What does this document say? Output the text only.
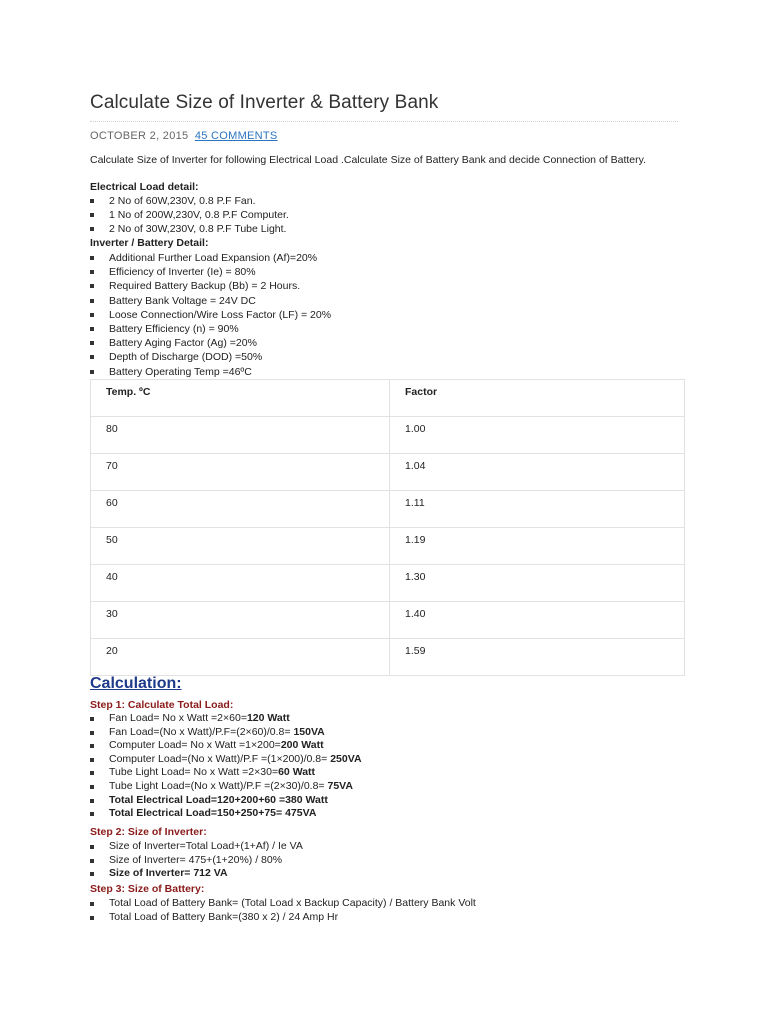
Calculate Size of Inverter & Battery Bank
OCTOBER 2, 2015 45 COMMENTS

Calculate Size of Inverter for following Electrical Load .Calculate Size of Battery Bank and decide Connection of Battery.

Electrical Load detail:

2 No of 60W,230V, 0.8 P.F Fan.
1 No of 200W,230V, 0.8 P.F Computer.
2 No of 30W,230V, 0.8 P.F Tube Light.

Inverter / Battery Detail:

Additional Further Load Expansion (Af)=20%
Efficiency of Inverter (Ie) = 80%
Required Battery Backup (Bb) = 2 Hours.
Battery Bank Voltage = 24V DC
Loose Connection/Wire Loss Factor (LF) = 20%
Battery Efficiency (n) = 90%
Battery Aging Factor (Ag) =20%
Depth of Discharge (DOD) =50%
Battery Operating Temp =46ºC
Temp. ºC	Factor
80	1.00
70	1.04
60	1.11
50	1.19
40	1.30
30	1.40
20	1.59
Calculation:

Step 1: Calculate Total Load:

Fan Load= No x Watt =2×60=120 Watt
Fan Load=(No x Watt)/P.F=(2×60)/0.8= 150VA
Computer Load= No x Watt =1×200=200 Watt
Computer Load=(No x Watt)/P.F =(1×200)/0.8= 250VA
Tube Light Load= No x Watt =2×30=60 Watt
Tube Light Load=(No x Watt)/P.F =(2×30)/0.8= 75VA
Total Electrical Load=120+200+60 =380 Watt
Total Electrical Load=150+250+75= 475VA

Step 2: Size of Inverter:

Size of Inverter=Total Load+(1+Af) / Ie VA
Size of Inverter= 475+(1+20%) / 80%
Size of Inverter= 712 VA

Step 3: Size of Battery:

Total Load of Battery Bank= (Total Load x Backup Capacity) / Battery Bank Volt
Total Load of Battery Bank=(380 x 2) / 24 Amp Hr
